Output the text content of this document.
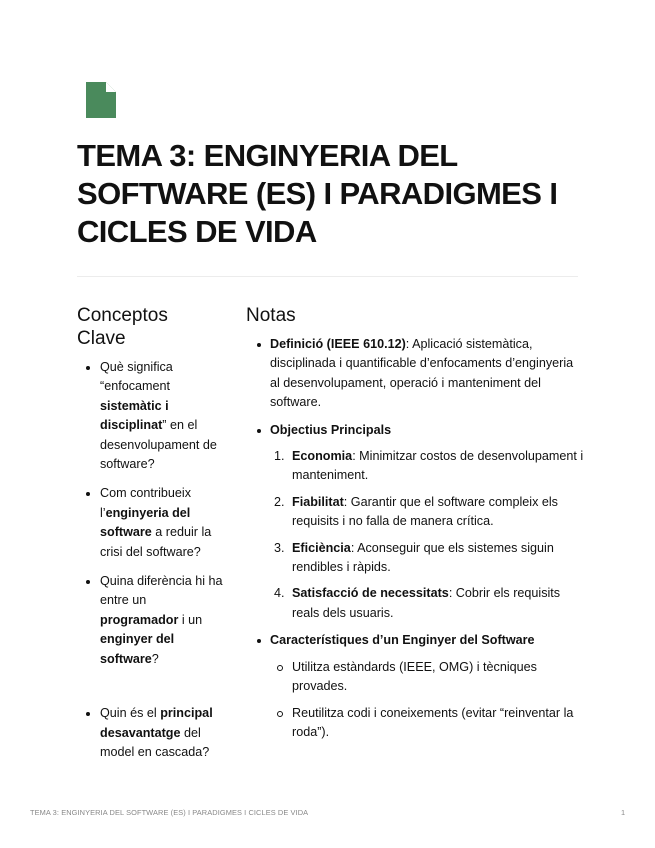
TEMA 3: ENGINYERIA DEL SOFTWARE (ES) I PARADIGMES I CICLES DE VIDA
Conceptos Clave
Notas
Què significa “enfocament sistemàtic i disciplinat” en el desenvolupament de software?
Com contribueix l’enginyeria del software a reduir la crisi del software?
Quina diferència hi ha entre un programador i un enginyer del software?
Quin és el principal desavantatge del model en cascada?
Definició (IEEE 610.12): Aplicació sistemàtica, disciplinada i quantificable d’enfocaments d’enginyeria al desenvolupament, operació i manteniment del software.
Objectius Principals
1. Economia: Minimitzar costos de desenvolupament i manteniment.
2. Fiabilitat: Garantir que el software compleix els requisits i no falla de manera crítica.
3. Eficiència: Aconseguir que els sistemes siguin rendibles i ràpids.
4. Satisfacció de necessitats: Cobrir els requisits reals dels usuaris.
Característiques d’un Enginyer del Software
Utilitza estàndards (IEEE, OMG) i tècniques provades.
Reutilitza codi i coneixements (evitar “reinventar la roda”).
TEMA 3: ENGINYERIA DEL SOFTWARE (ES) I PARADIGMES I CICLES DE VIDA	1
